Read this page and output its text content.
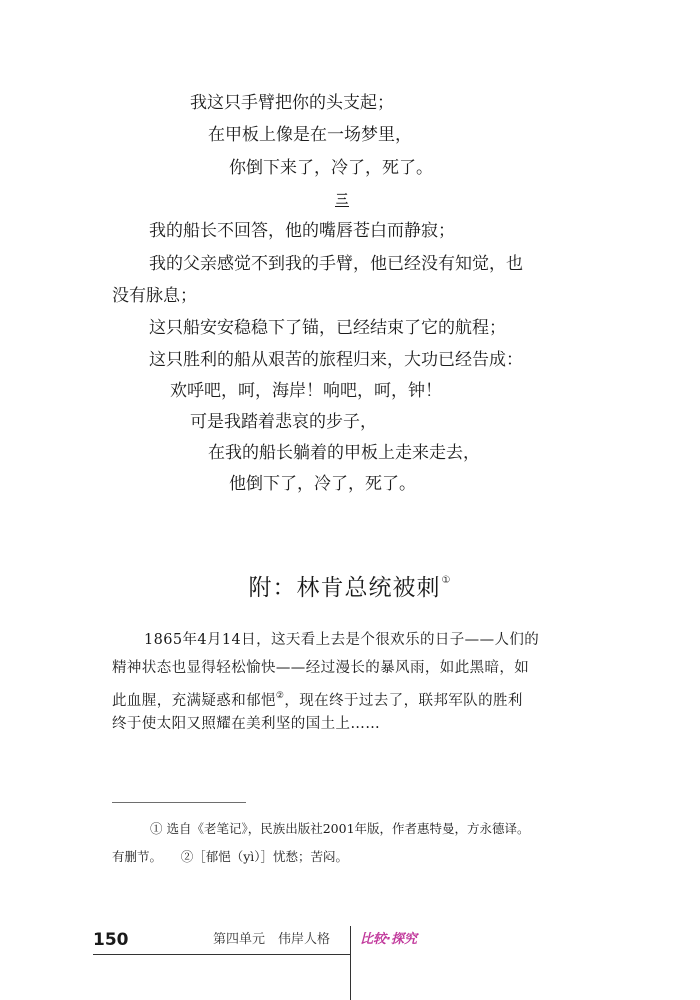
我这只手臂把你的头支起；
在甲板上像是在一场梦里，
你倒下来了，冷了，死了。
三
我的船长不回答，他的嘴唇苍白而静寂；
我的父亲感觉不到我的手臂，他已经没有知觉，也
没有脉息；
这只船安安稳稳下了锚，已经结束了它的航程；
这只胜利的船从艰苦的旅程归来，大功已经告成：
欢呼吧，呵，海岸！响吧，呵，钟！
可是我踏着悲哀的步子，
在我的船长躺着的甲板上走来走去，
他倒下了，冷了，死了。
附：林肯总统被刺①
1865年4月14日，这天看上去是个很欢乐的日子——人们的
精神状态也显得轻松愉快——经过漫长的暴风雨，如此黑暗，如
此血腥，充满疑惑和郁悒②，现在终于过去了，联邦军队的胜利
终于使太阳又照耀在美利坚的国土上……
① 选自《老笔记》，民族出版社2001年版，作者惠特曼，方永德译。
有删节。　　②［郁悒（yì）］忧愁；苦闷。
150	第四单元　伟岸人格 比较·探究
